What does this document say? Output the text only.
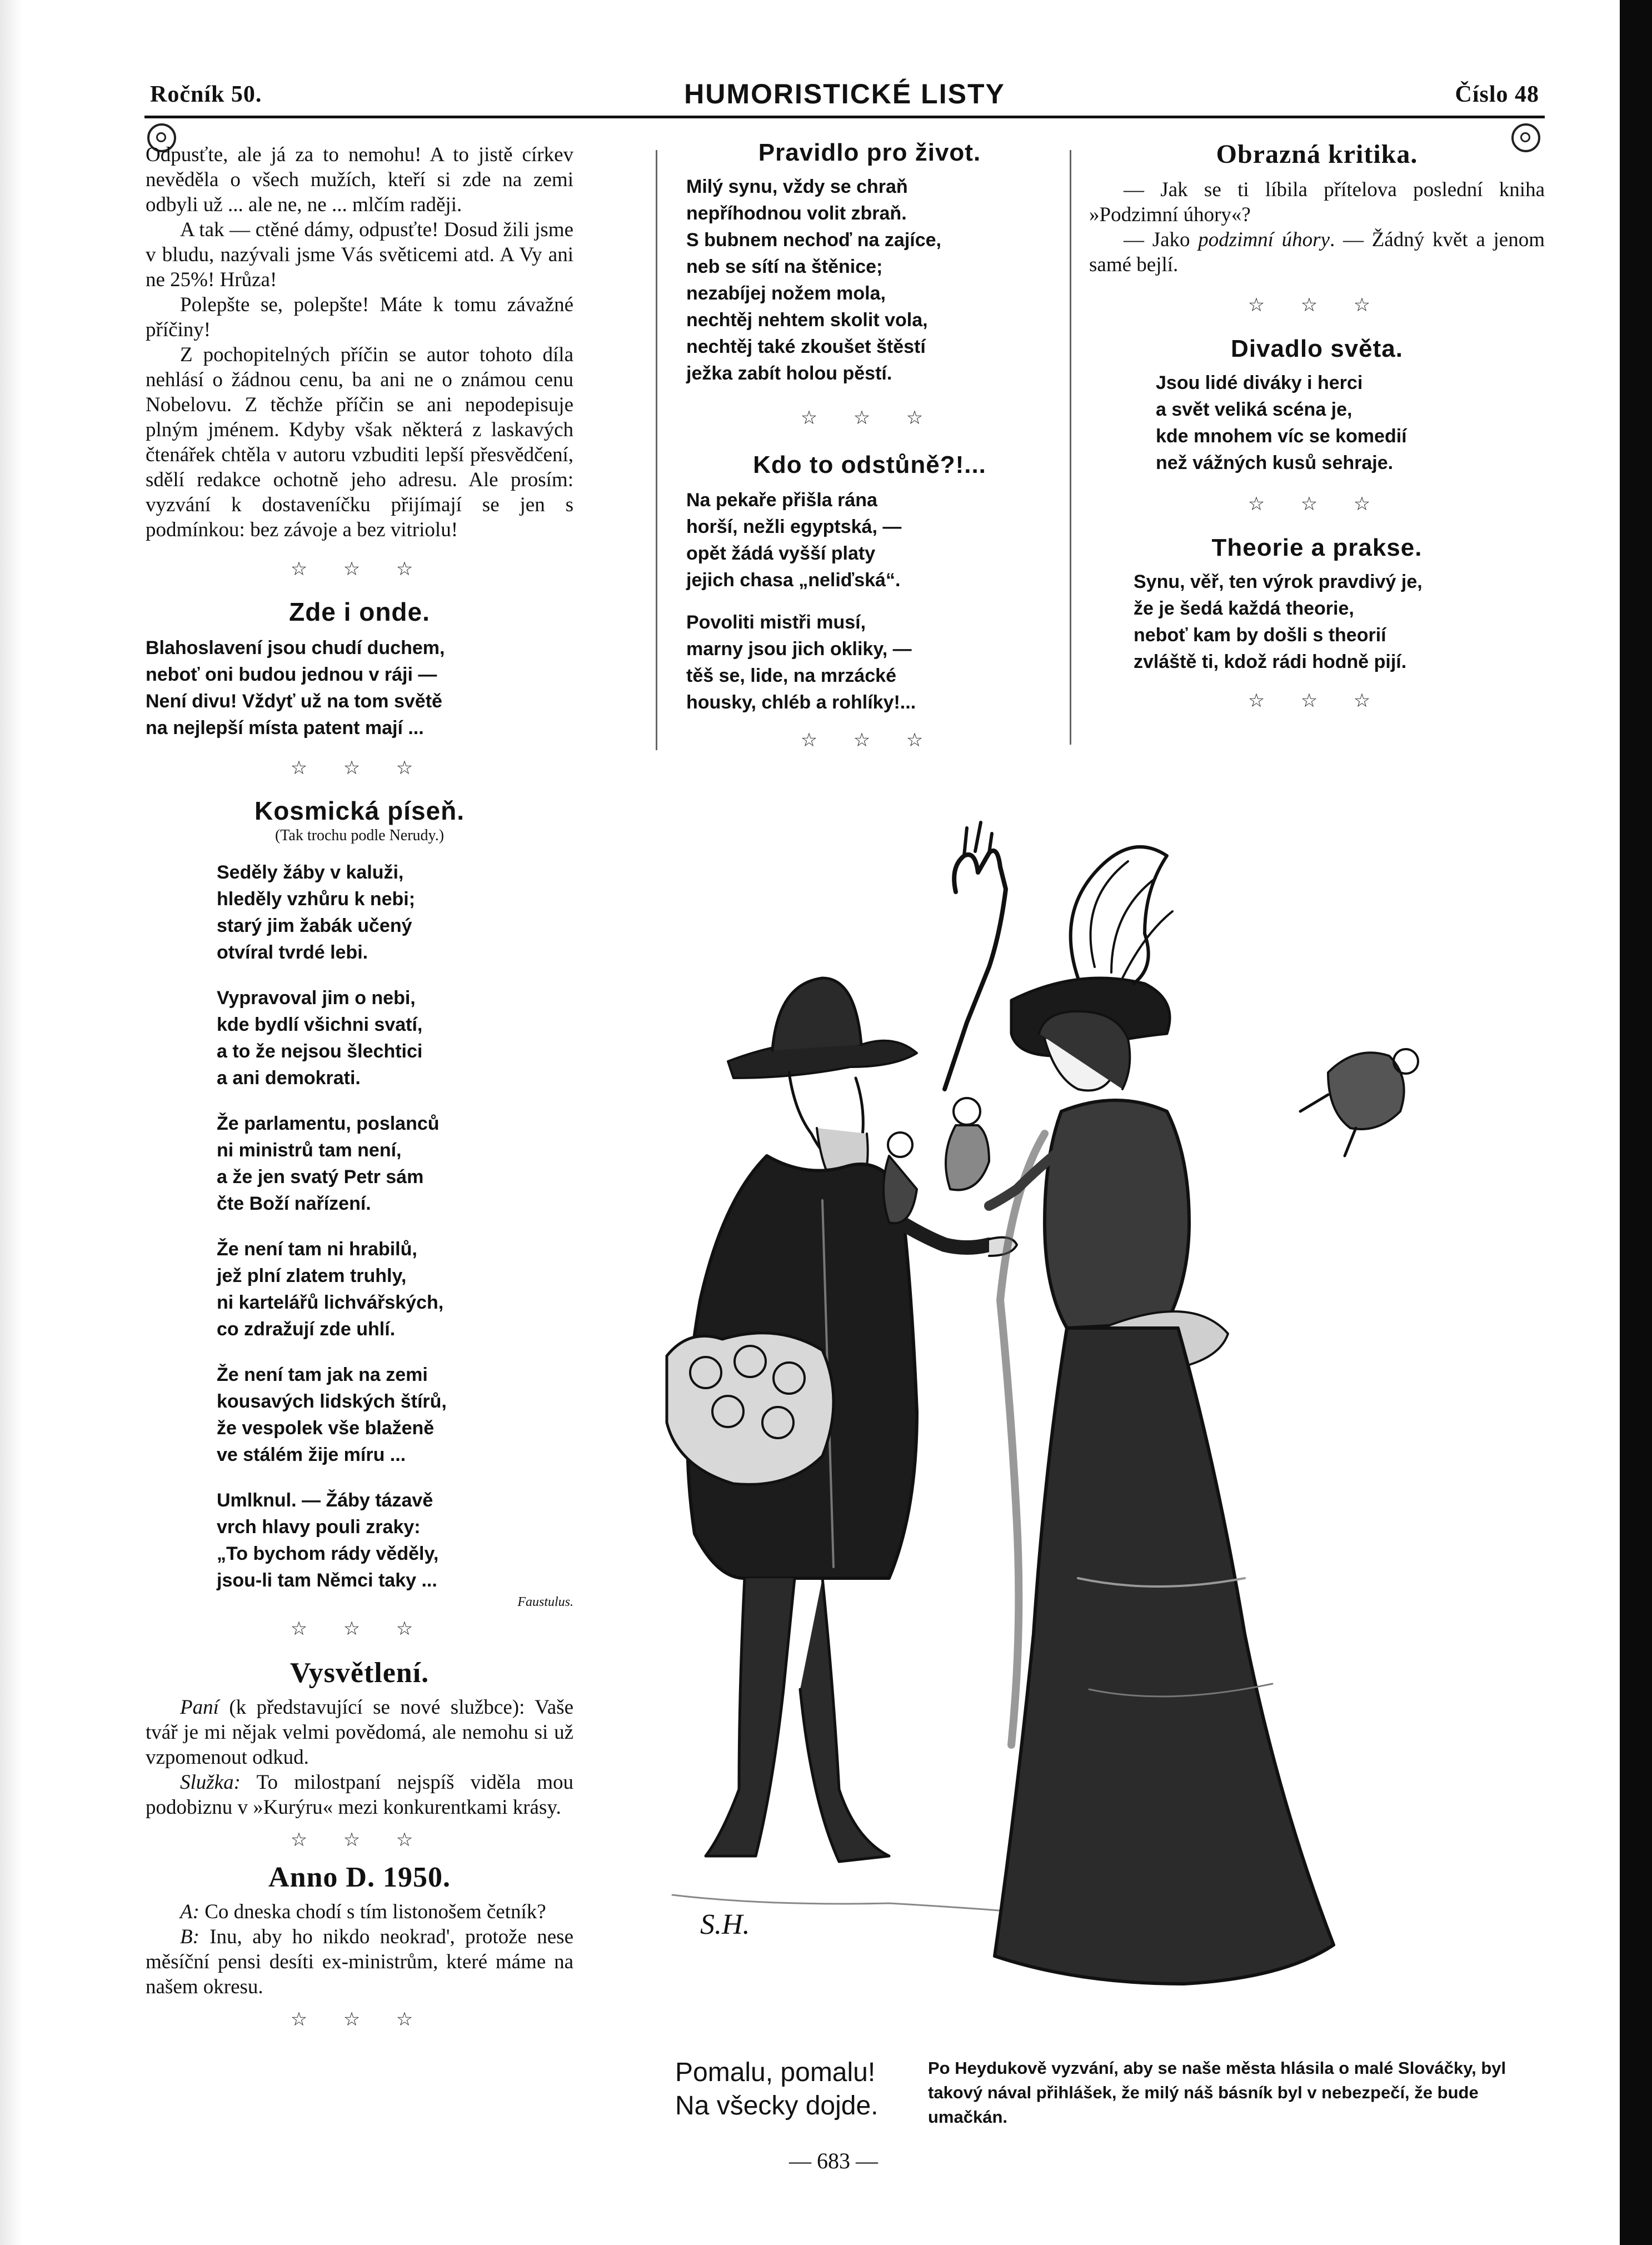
Ročník 50.	HUMORISTICKÉ LISTY	Číslo 48

Odpusťte, ale já za to nemohu! A to jistě církev nevěděla o všech mužích, kteří si zde na zemi odbyli už ... ale ne, ne ... mlčím raději.

A tak — ctěné dámy, odpusťte! Dosud žili jsme v bludu, nazývali jsme Vás světicemi atd. A Vy ani ne 25%! Hrůza!

Polepšte se, polepšte! Máte k tomu závažné příčiny!

Z pochopitelných příčin se autor tohoto díla nehlásí o žádnou cenu, ba ani ne o známou cenu Nobelovu. Z těchže příčin se ani nepodepisuje plným jménem. Kdyby však některá z laskavých čtenářek chtěla v autoru vzbuditi lepší přesvědčení, sdělí redakce ochotně jeho adresu. Ale prosím: vyzvání k dostaveníčku přijímají se jen s podmínkou: bez závoje a bez vitriolu!

☆ ☆ ☆
Zde i onde.
Blahoslavení jsou chudí duchem,
neboť oni budou jednou v ráji —
Není divu! Vždyť už na tom světě
na nejlepší místa patent mají ...
☆ ☆ ☆
Kosmická píseň.
(Tak trochu podle Nerudy.)
Seděly žáby v kaluži,
hleděly vzhůru k nebi;
starý jim žabák učený
otvíral tvrdé lebi.
Vypravoval jim o nebi,
kde bydlí všichni svatí,
a to že nejsou šlechtici
a ani demokrati.
Že parlamentu, poslanců
ni ministrů tam není,
a že jen svatý Petr sám
čte Boží nařízení.
Že není tam ni hrabilů,
jež plní zlatem truhly,
ni kartelářů lichvářských,
co zdražují zde uhlí.
Že není tam jak na zemi
kousavých lidských štírů,
že vespolek vše blaženě
ve stálém žije míru ...
Umlknul. — Žáby tázavě
vrch hlavy pouli zraky:
„To bychom rády věděly,
jsou-li tam Němci taky ...
Faustulus.
☆ ☆ ☆
Vysvětlení.

Paní (k představující se nové službce): Vaše tvář je mi nějak velmi povědomá, ale nemohu si už vzpomenout odkud.

Služka: To milostpaní nejspíš viděla mou podobiznu v »Kurýru« mezi konkurentkami krásy.

☆ ☆ ☆
Anno D. 1950.

A: Co dneska chodí s tím listonošem četník?

B: Inu, aby ho nikdo neokrad', protože nese měsíční pensi desíti ex-ministrům, které máme na našem okresu.

☆ ☆ ☆
Pravidlo pro život.
Milý synu, vždy se chraň
nepříhodnou volit zbraň.
S bubnem nechoď na zajíce,
neb se sítí na štěnice;
nezabíjej nožem mola,
nechtěj nehtem skolit vola,
nechtěj také zkoušet štěstí
ježka zabít holou pěstí.
☆ ☆ ☆
Kdo to odstůně?!...
Na pekaře přišla rána
horší, nežli egyptská, —
opět žádá vyšší platy
jejich chasa „neliďská“.
Povoliti mistři musí,
marny jsou jich okliky, —
těš se, lide, na mrzácké
housky, chléb a rohlíky!...
☆ ☆ ☆
Obrazná kritika.

— Jak se ti líbila přítelova poslední kniha »Podzimní úhory«?

— Jako podzimní úhory. — Žádný květ a jenom samé bejlí.

☆ ☆ ☆
Divadlo světa.
Jsou lidé diváky i herci
a svět veliká scéna je,
kde mnohem víc se komedií
než vážných kusů sehraje.
☆ ☆ ☆
Theorie a prakse.
Synu, věř, ten výrok pravdivý je,
že je šedá každá theorie,
neboť kam by došli s theorií
zvláště ti, kdož rádi hodně pijí.
☆ ☆ ☆
S.H.
Pomalu, pomalu! Na všecky dojde.
Po Heydukově vyzvání, aby se naše města hlásila o malé Slováčky, byl takový nával přihlášek, že milý náš básník byl v nebezpečí, že bude umačkán.
— 683 —
